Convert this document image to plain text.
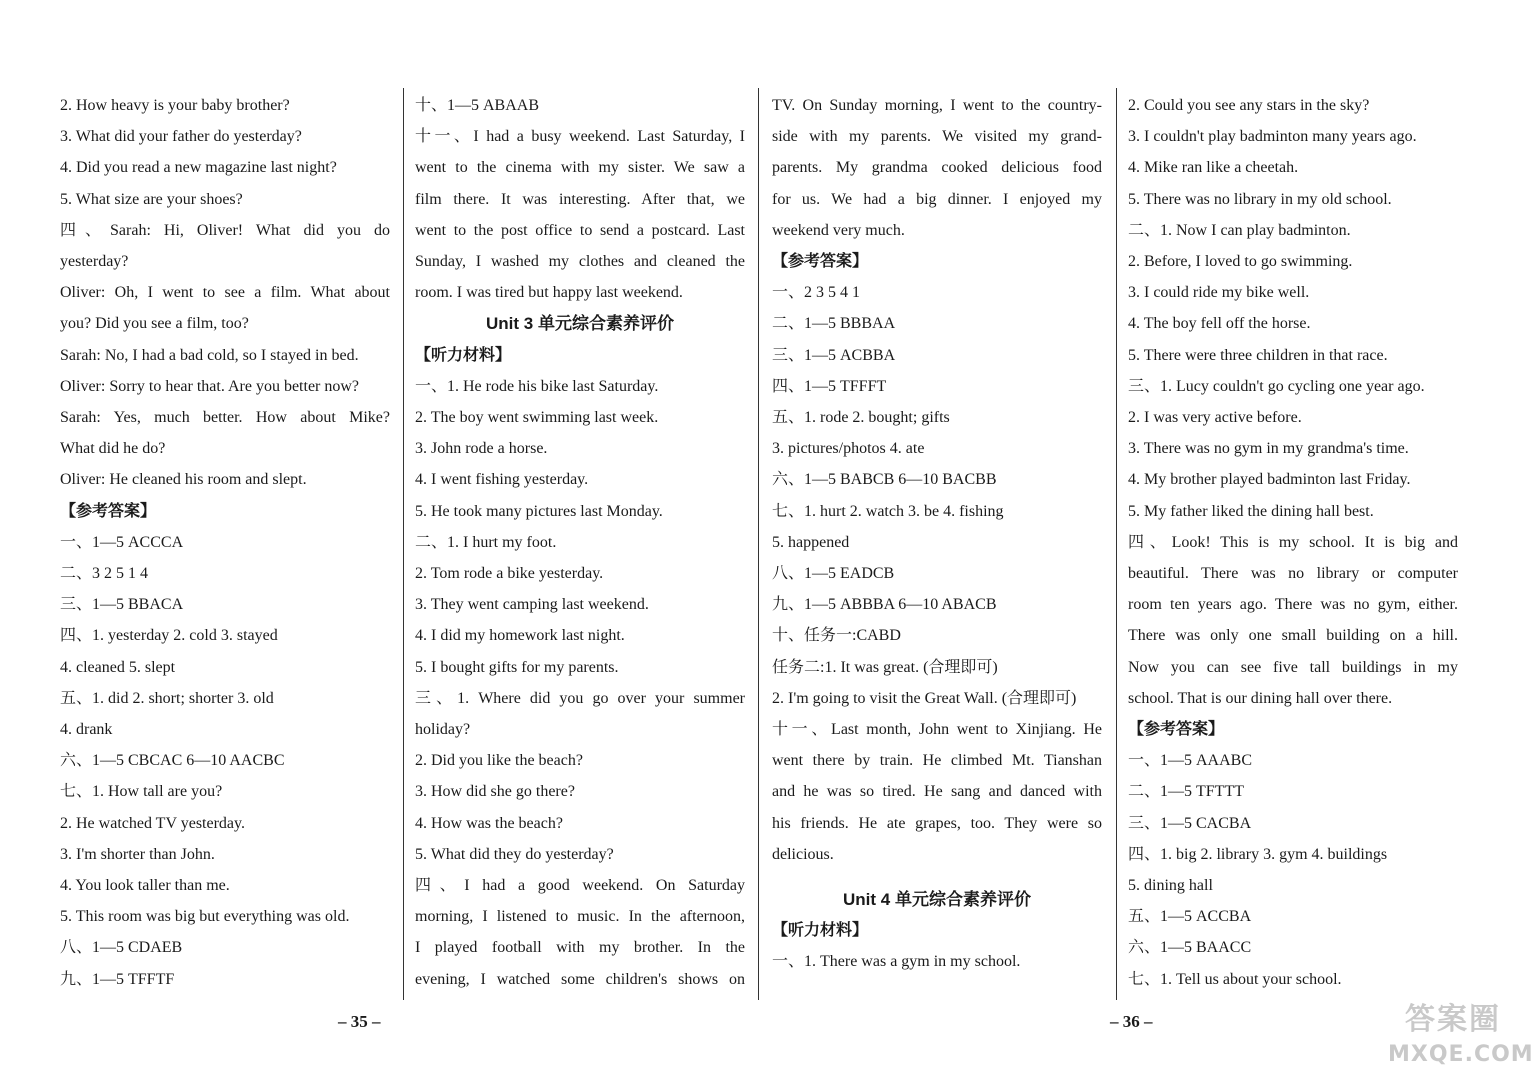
2. How heavy is your baby brother?
3. What did your father do yesterday?
4. Did you read a new magazine last night?
5. What size are your shoes?
四、Sarah: Hi, Oliver! What did you do
yesterday?
Oliver: Oh, I went to see a film. What about
you? Did you see a film, too?
Sarah: No, I had a bad cold, so I stayed in bed.
Oliver: Sorry to hear that. Are you better now?
Sarah: Yes, much better. How about Mike?
What did he do?
Oliver: He cleaned his room and slept.
【参考答案】
一、1—5 ACCCA
二、3 2 5 1 4
三、1—5 BBACA
四、1. yesterday 2. cold 3. stayed
4. cleaned 5. slept
五、1. did 2. short; shorter 3. old
4. drank
六、1—5 CBCAC 6—10 AACBC
七、1. How tall are you?
2. He watched TV yesterday.
3. I'm shorter than John.
4. You look taller than me.
5. This room was big but everything was old.
八、1—5 CDAEB
九、1—5 TFFTF
十、1—5 ABAAB
十一、I had a busy weekend. Last Saturday, I
went to the cinema with my sister. We saw a
film there. It was interesting. After that, we
went to the post office to send a postcard. Last
Sunday, I washed my clothes and cleaned the
room. I was tired but happy last weekend.
Unit 3 单元综合素养评价
【听力材料】
一、1. He rode his bike last Saturday.
2. The boy went swimming last week.
3. John rode a horse.
4. I went fishing yesterday.
5. He took many pictures last Monday.
二、1. I hurt my foot.
2. Tom rode a bike yesterday.
3. They went camping last weekend.
4. I did my homework last night.
5. I bought gifts for my parents.
三、1. Where did you go over your summer
holiday?
2. Did you like the beach?
3. How did she go there?
4. How was the beach?
5. What did they do yesterday?
四、I had a good weekend. On Saturday
morning, I listened to music. In the afternoon,
I played football with my brother. In the
evening, I watched some children's shows on
TV. On Sunday morning, I went to the country-
side with my parents. We visited my grand-
parents. My grandma cooked delicious food
for us. We had a big dinner. I enjoyed my
weekend very much.
【参考答案】
一、2 3 5 4 1
二、1—5 BBBAA
三、1—5 ACBBA
四、1—5 TFFFT
五、1. rode 2. bought; gifts
3. pictures/photos 4. ate
六、1—5 BABCB 6—10 BACBB
七、1. hurt 2. watch 3. be 4. fishing
5. happened
八、1—5 EADCB
九、1—5 ABBBA 6—10 ABACB
十、任务一:CABD
任务二:1. It was great. (合理即可)
2. I'm going to visit the Great Wall. (合理即可)
十一、Last month, John went to Xinjiang. He
went there by train. He climbed Mt. Tianshan
and he was so tired. He sang and danced with
his friends. He ate grapes, too. They were so
delicious.
Unit 4 单元综合素养评价
【听力材料】
一、1. There was a gym in my school.
2. Could you see any stars in the sky?
3. I couldn't play badminton many years ago.
4. Mike ran like a cheetah.
5. There was no library in my old school.
二、1. Now I can play badminton.
2. Before, I loved to go swimming.
3. I could ride my bike well.
4. The boy fell off the horse.
5. There were three children in that race.
三、1. Lucy couldn't go cycling one year ago.
2. I was very active before.
3. There was no gym in my grandma's time.
4. My brother played badminton last Friday.
5. My father liked the dining hall best.
四、Look! This is my school. It is big and
beautiful. There was no library or computer
room ten years ago. There was no gym, either.
There was only one small building on a hill.
Now you can see five tall buildings in my
school. That is our dining hall over there.
【参考答案】
一、1—5 AAABC
二、1—5 TFTTT
三、1—5 CACBA
四、1. big 2. library 3. gym 4. buildings
5. dining hall
五、1—5 ACCBA
六、1—5 BAACC
七、1. Tell us about your school.
– 35 –	– 36 –	答案圈
MXQE.COM
